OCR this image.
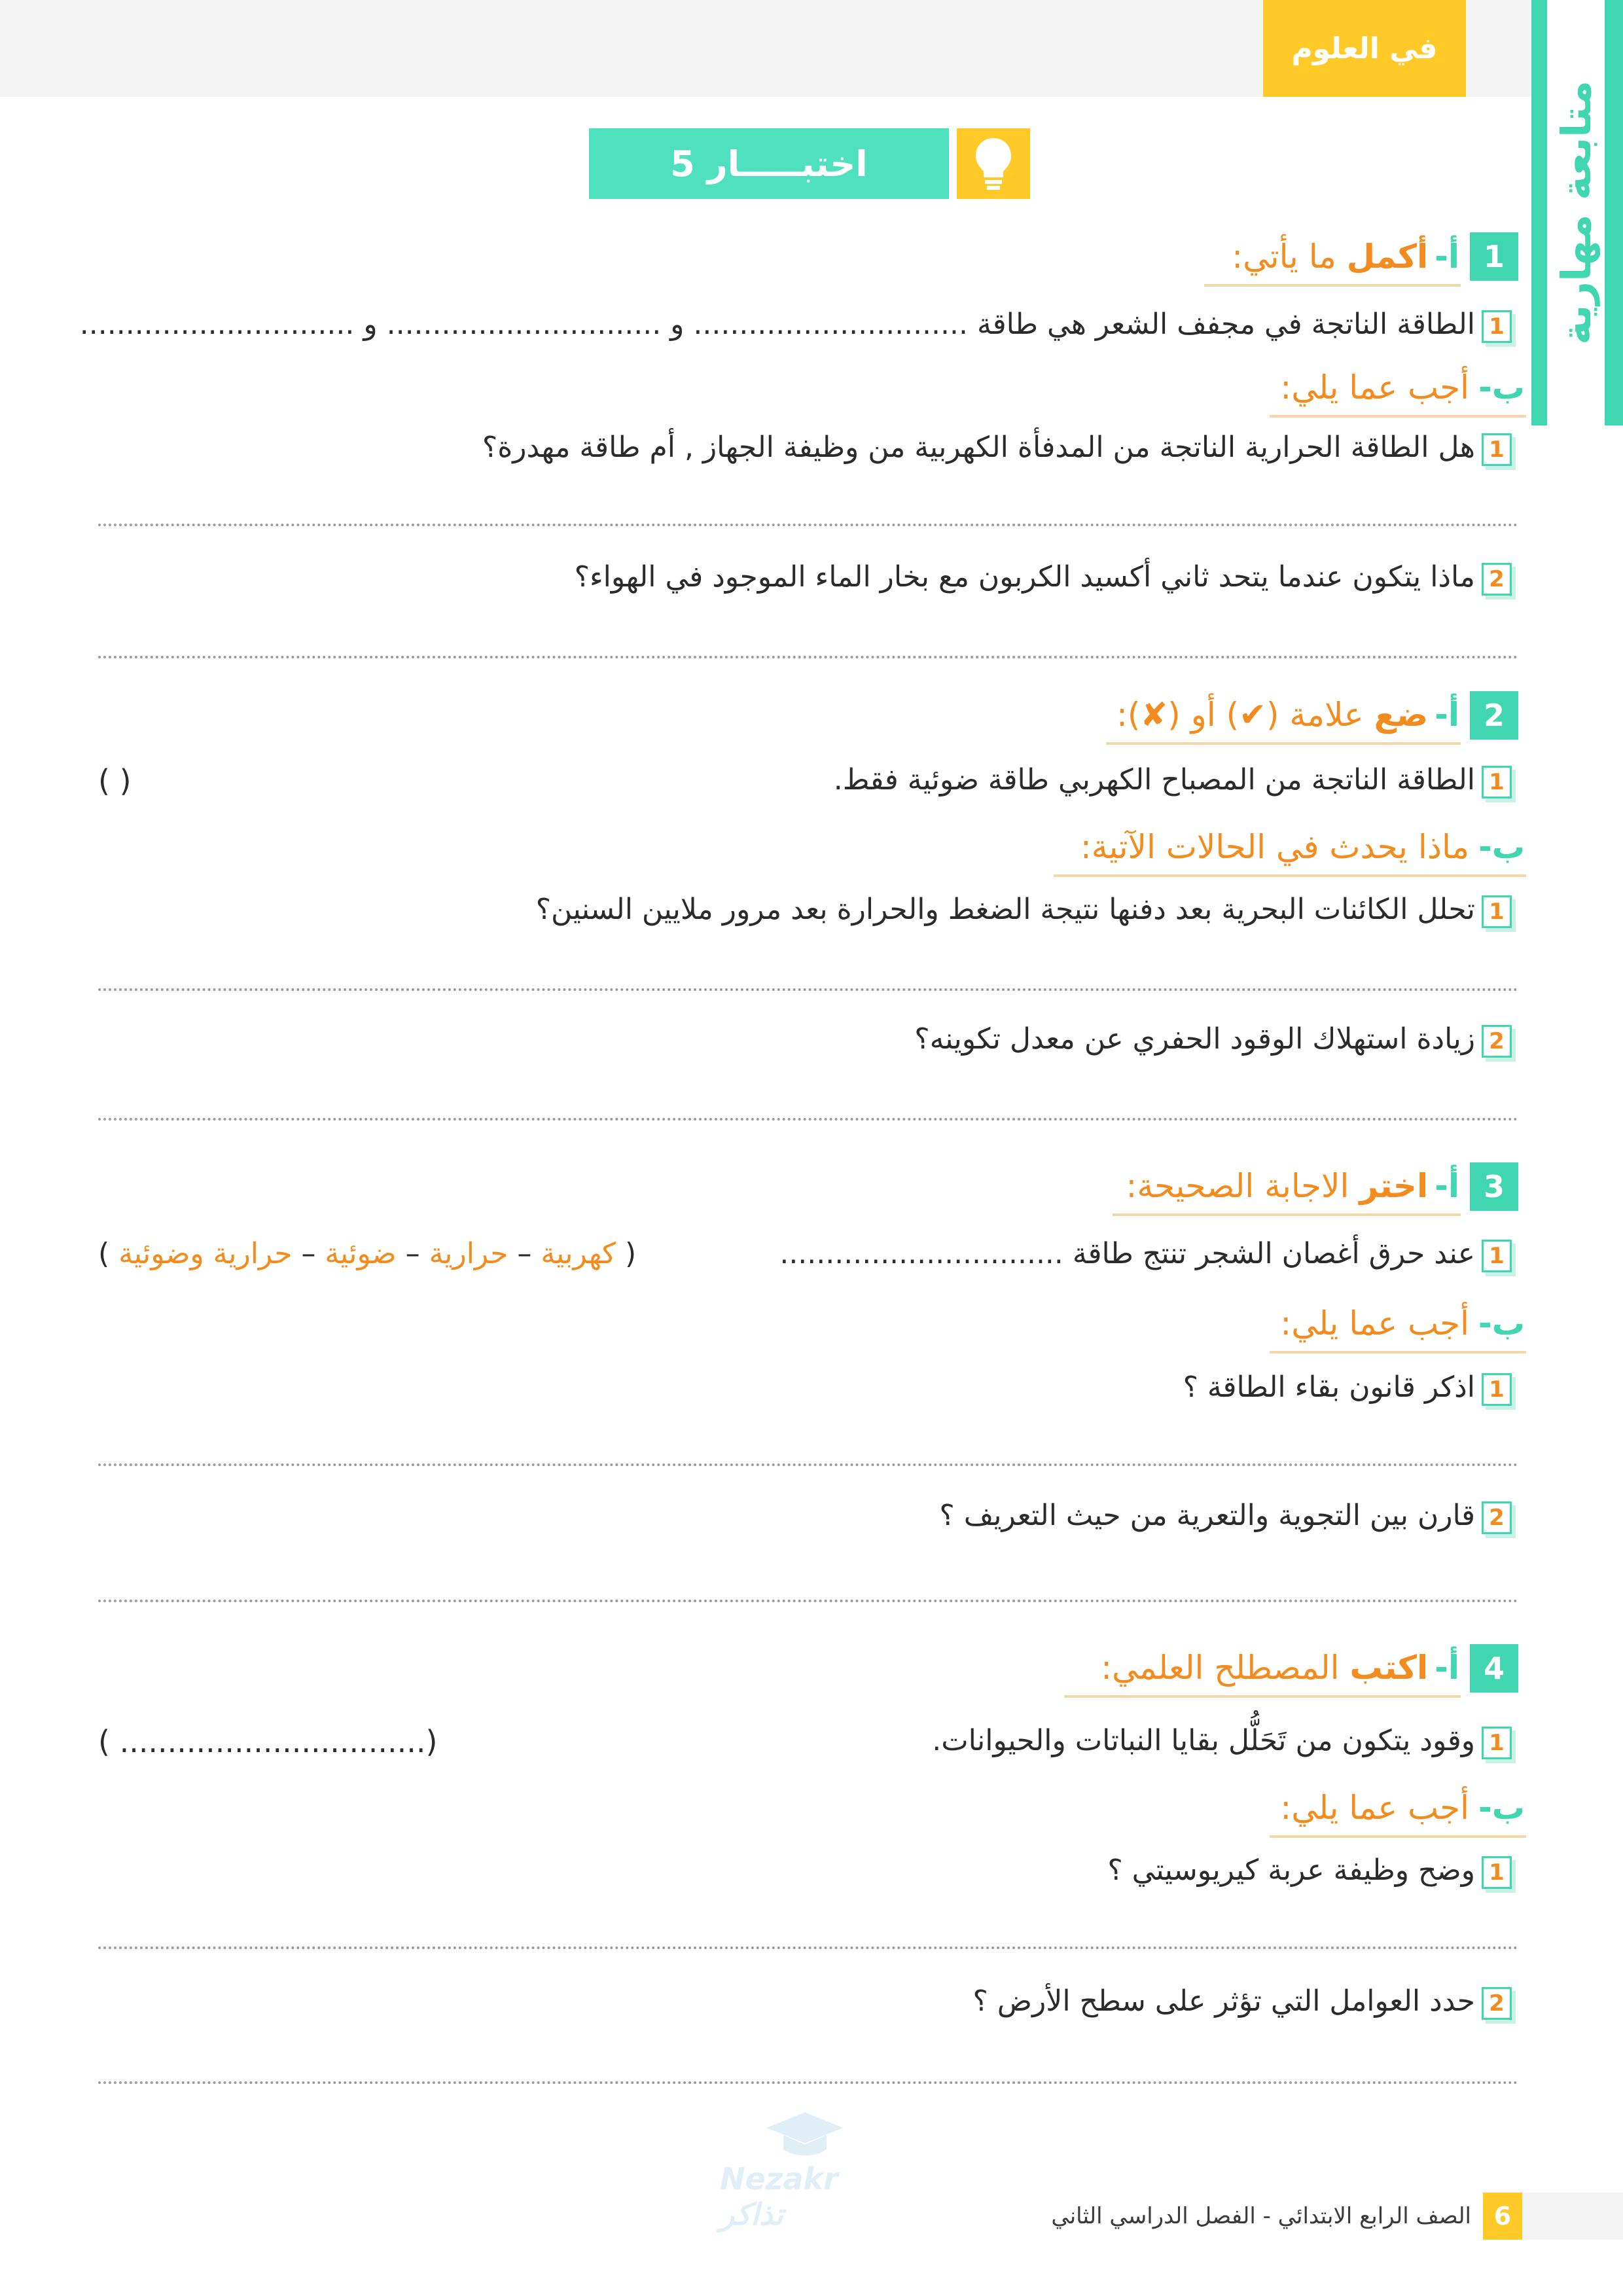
في العلوم
متابعة مهارية
اختبـــــار 5
1
أ-
أكمل
ما يأتي:
1
الطاقة الناتجة في مجفف الشعر هي طاقة .............................. و .............................. و ..............................
ب-
أجب عما يلي:
1
هل الطاقة الحرارية الناتجة من المدفأة الكهربية من وظيفة الجهاز , أم طاقة مهدرة؟
2
ماذا يتكون عندما يتحد ثاني أكسيد الكربون مع بخار الماء الموجود في الهواء؟
2
أ-
ضع
علامة (✔) أو (✘):
1
الطاقة الناتجة من المصباح الكهربي طاقة ضوئية فقط.
( )
ب-
ماذا يحدث في الحالات الآتية:
1
تحلل الكائنات البحرية بعد دفنها نتيجة الضغط والحرارة بعد مرور ملايين السنين؟
2
زيادة استهلاك الوقود الحفري عن معدل تكوينه؟
3
أ-
اختر
الاجابة الصحيحة:
1
عند حرق أغصان الشجر تنتج طاقة ...............................
( كهربية – حرارية – ضوئية – حرارية وضوئية )
ب-
أجب عما يلي:
1
اذكر قانون بقاء الطاقة ؟
2
قارن بين التجوية والتعرية من حيث التعريف ؟
4
أ-
اكتب
المصطلح العلمي:
1
وقود يتكون من تَحَلُّل بقايا النباتات والحيوانات.
( ................................)
ب-
أجب عما يلي:
1
وضح وظيفة عربة كيريوسيتي ؟
2
حدد العوامل التي تؤثر على سطح الأرض ؟
Nezakr تذاكر	6
الصف الرابع الابتدائي - الفصل الدراسي الثاني
